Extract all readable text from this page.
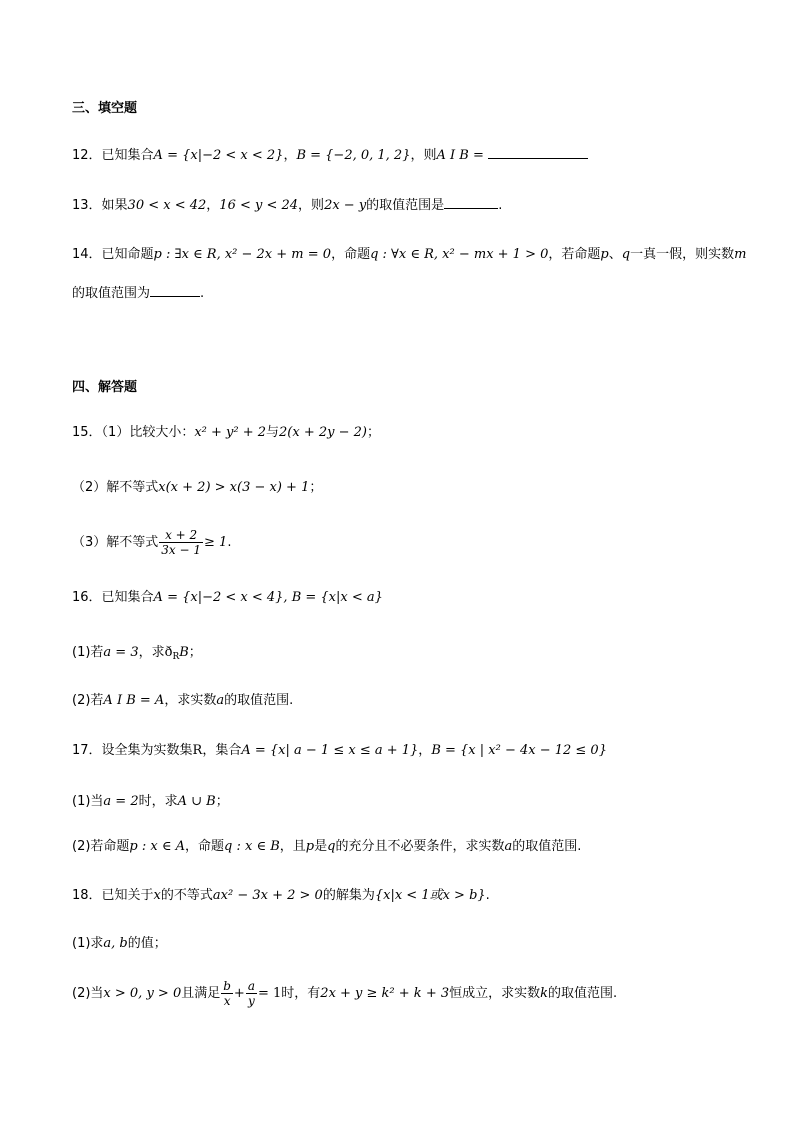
三、填空题
12．已知集合A = {x|−2 < x < 2}，B = {−2, 0, 1, 2}，则A I B =
13．如果30 < x < 42，16 < y < 24，则2x − y的取值范围是	.
14．已知命题p : ∃x ∈ R, x² − 2x + m = 0，命题q : ∀x ∈ R, x² − mx + 1 > 0，若命题p、q一真一假，则实数m
的取值范围为	.
四、解答题
15．（1）比较大小：x² + y² + 2与2(x + 2y − 2)；
（2）解不等式x(x + 2) > x(3 − x) + 1；
（3）解不等式 $\frac{x + 2}{3x - 1} \ge 1$.
16．已知集合A = {x|−2 < x < 4}, B = {x|x < a}
(1)若a = 3，求$ð_RB$；
(2)若A I B = A，求实数a的取值范围.
17．设全集为实数集R，集合A = {x| a − 1 ≤ x ≤ a + 1}，B = {x | x² − 4x − 12 ≤ 0}
(1)当a = 2时，求A ∪ B；
(2)若命题p : x ∈ A，命题q : x ∈ B，且p是q的充分且不必要条件，求实数a的取值范围.
18．已知关于x的不等式ax² − 3x + 2 > 0的解集为{x|x < 1或x > b}.
(1)求a, b的值；
(2)当x > 0, y > 0且满足 $\frac{b}{x} + \frac{a}{y} = 1$时，有2x + y ≥ k² + k + 3恒成立，求实数k的取值范围.
